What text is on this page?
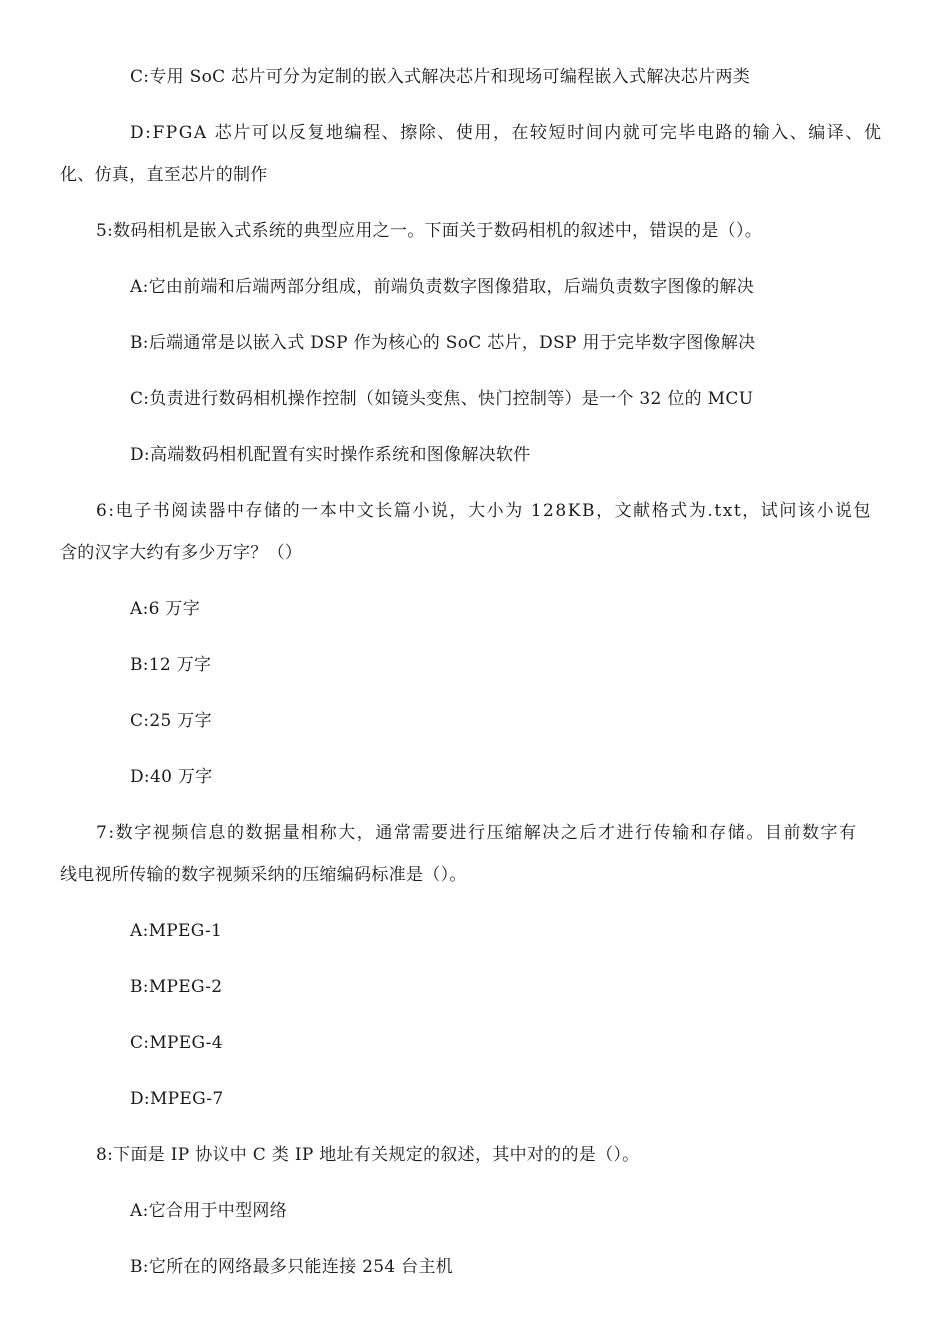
C:专用 SoC 芯片可分为定制的嵌入式解决芯片和现场可编程嵌入式解决芯片两类
D:FPGA 芯片可以反复地编程、擦除、使用，在较短时间内就可完毕电路的输入、编译、优
化、仿真，直至芯片的制作
5:数码相机是嵌入式系统的典型应用之一。下面关于数码相机的叙述中，错误的是（）。
A:它由前端和后端两部分组成，前端负责数字图像猎取，后端负责数字图像的解决
B:后端通常是以嵌入式 DSP 作为核心的 SoC 芯片，DSP 用于完毕数字图像解决
C:负责进行数码相机操作控制（如镜头变焦、快门控制等）是一个 32 位的 MCU
D:高端数码相机配置有实时操作系统和图像解决软件
6:电子书阅读器中存储的一本中文长篇小说，大小为 128KB，文献格式为.txt，试问该小说包
含的汉字大约有多少万字？（）
A:6 万字
B:12 万字
C:25 万字
D:40 万字
7:数字视频信息的数据量相称大，通常需要进行压缩解决之后才进行传输和存储。目前数字有
线电视所传输的数字视频采纳的压缩编码标准是（）。
A:MPEG-1
B:MPEG-2
C:MPEG-4
D:MPEG-7
8:下面是 IP 协议中 C 类 IP 地址有关规定的叙述，其中对的的是（）。
A:它合用于中型网络
B:它所在的网络最多只能连接 254 台主机
